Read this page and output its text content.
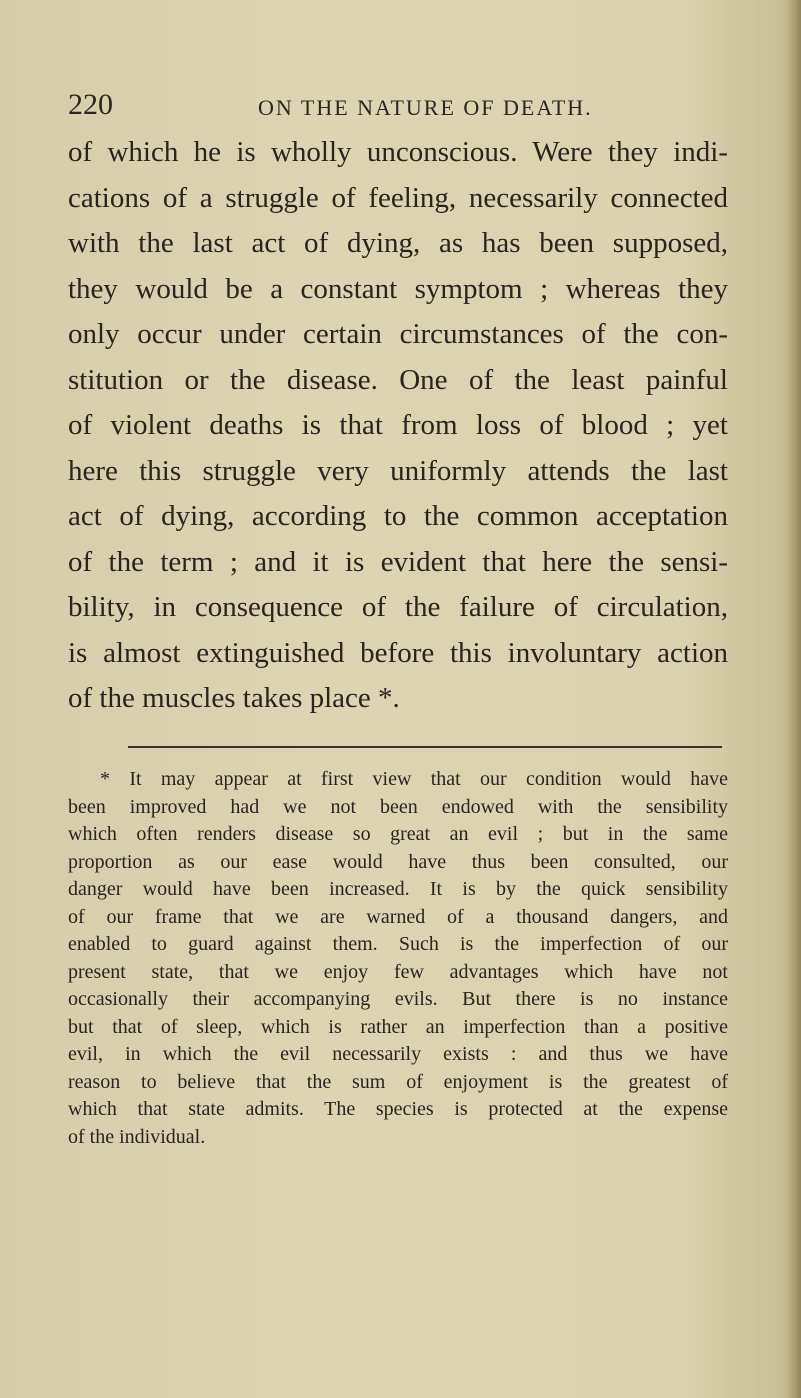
220	ON THE NATURE OF DEATH.
of which he is wholly unconscious. Were they indi-
cations of a struggle of feeling, necessarily connected
with the last act of dying, as has been supposed,
they would be a constant symptom ; whereas they
only occur under certain circumstances of the con-
stitution or the disease. One of the least painful
of violent deaths is that from loss of blood ; yet
here this struggle very uniformly attends the last
act of dying, according to the common acceptation
of the term ; and it is evident that here the sensi-
bility, in consequence of the failure of circulation,
is almost extinguished before this involuntary action
of the muscles takes place *.
* It may appear at first view that our condition would have
been improved had we not been endowed with the sensibility
which often renders disease so great an evil ; but in the same
proportion as our ease would have thus been consulted, our
danger would have been increased. It is by the quick sensibility
of our frame that we are warned of a thousand dangers, and
enabled to guard against them. Such is the imperfection of our
present state, that we enjoy few advantages which have not
occasionally their accompanying evils. But there is no instance
but that of sleep, which is rather an imperfection than a positive
evil, in which the evil necessarily exists : and thus we have
reason to believe that the sum of enjoyment is the greatest of
which that state admits. The species is protected at the expense
of the individual.
